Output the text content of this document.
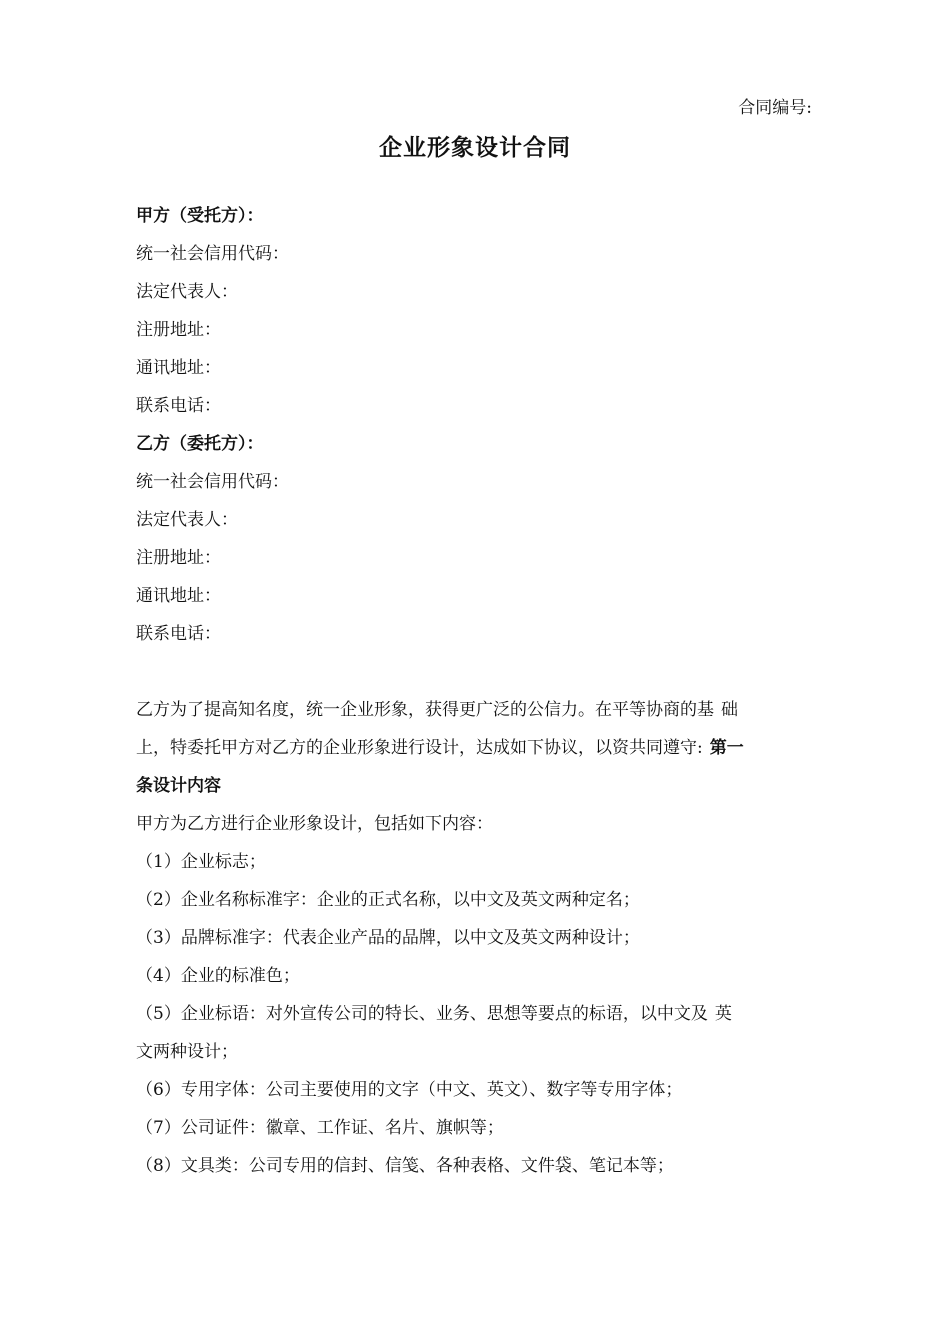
合同编号:
企业形象设计合同
甲方（受托方）：
统一社会信用代码：
法定代表人：
注册地址：
通讯地址：
联系电话：
乙方（委托方）：
统一社会信用代码：
法定代表人：
注册地址：
通讯地址：
联系电话：
乙方为了提高知名度，统一企业形象，获得更广泛的公信力。在平等协商的基 础
上，特委托甲方对乙方的企业形象进行设计，达成如下协议，以资共同遵守: 第一
条设计内容
甲方为乙方进行企业形象设计，包括如下内容：
（1）企业标志；
（2）企业名称标准字：企业的正式名称，以中文及英文两种定名；
（3）品牌标准字：代表企业产品的品牌，以中文及英文两种设计；
（4）企业的标准色；
（5）企业标语：对外宣传公司的特长、业务、思想等要点的标语，以中文及 英
文两种设计；
（6）专用字体：公司主要使用的文字（中文、英文）、数字等专用字体；
（7）公司证件：徽章、工作证、名片、旗帜等；
（8）文具类：公司专用的信封、信笺、各种表格、文件袋、笔记本等；
